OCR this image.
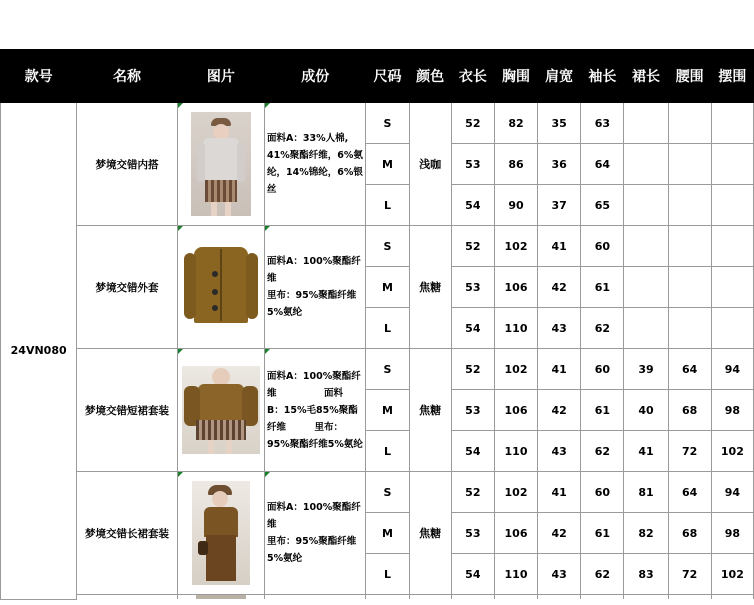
款号	名称	图片	成份	尺码	颜色	衣长	胸围	肩宽	袖长	裙长	腰围	摆围
24VN080	梦境交错内搭		面料A：33%人棉,
41%聚酯纤维，6%氨
纶，14%锦纶，6%银
丝	S	浅咖	52	82	35	63			
				M		53	86	36	64			
				L		54	90	37	65			
	梦境交错外套		面料A：100%聚酯纤
维
里布：95%聚酯纤维
5%氨纶	S	焦糖	52	102	41	60			
				M		53	106	42	61			
				L		54	110	43	62			
	梦境交错短裙套装		面料A：100%聚酯纤
维　　　　　面料
B：15%毛85%聚酯
纤维　　　里布：
95%聚酯纤维5%氨纶	S	焦糖	52	102	41	60	39	64	94
				M		53	106	42	61	40	68	98
				L		54	110	43	62	41	72	102
	梦境交错长裙套装		面料A：100%聚酯纤
维
里布：95%聚酯纤维
5%氨纶	S	焦糖	52	102	41	60	81	64	94
				M		53	106	42	61	82	68	98
				L		54	110	43	62	83	72	102
